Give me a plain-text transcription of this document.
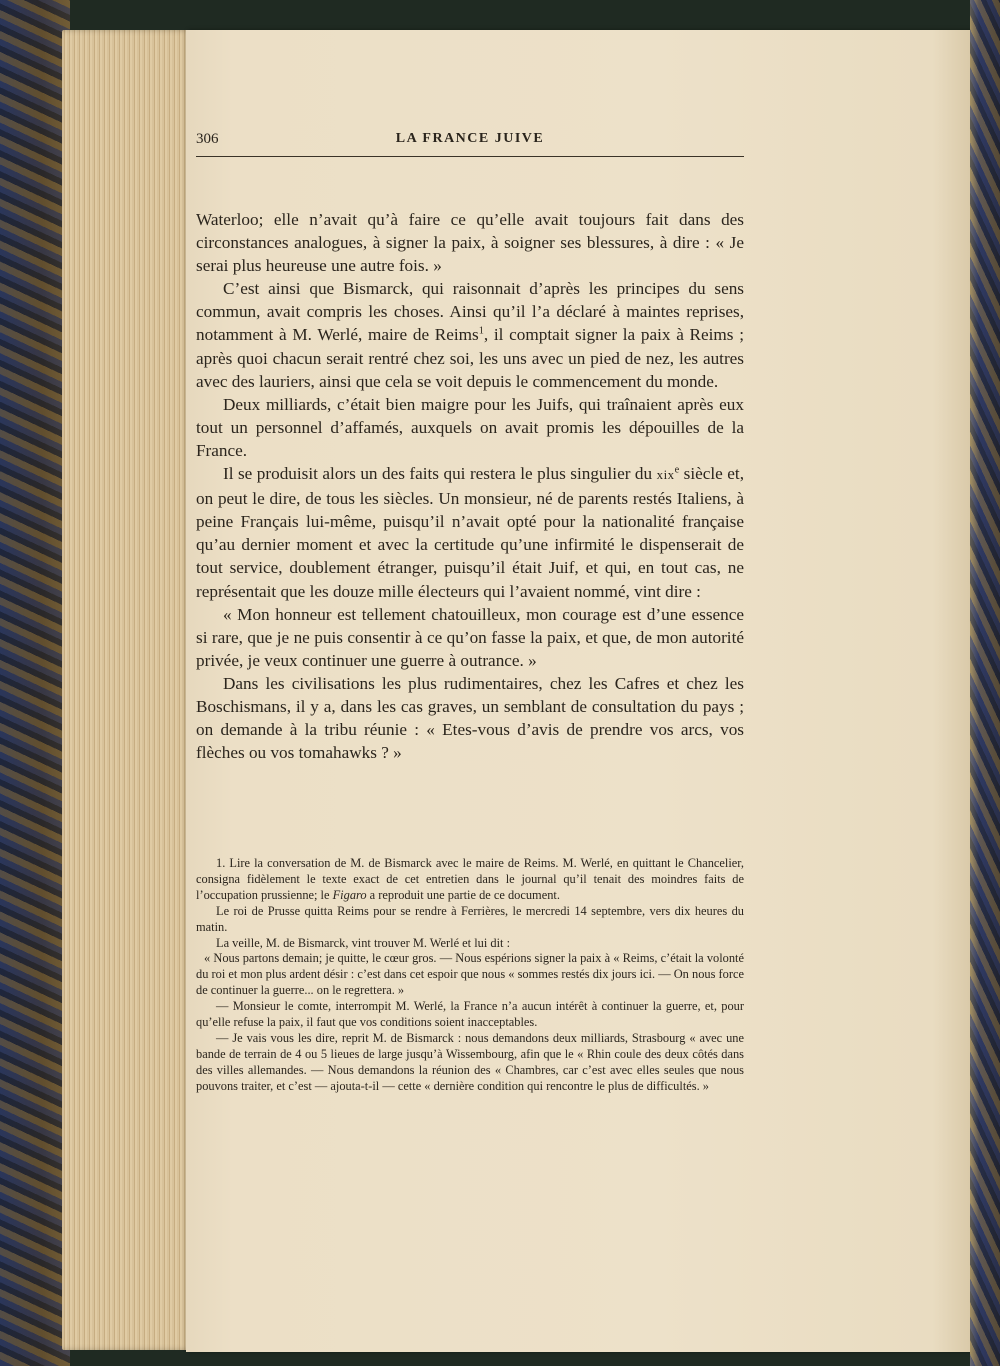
306	LA FRANCE JUIVE

Waterloo; elle n’avait qu’à faire ce qu’elle avait toujours fait dans des circonstances analogues, à signer la paix, à soigner ses blessures, à dire : « Je serai plus heureuse une autre fois. »

C’est ainsi que Bismarck, qui raisonnait d’après les principes du sens commun, avait compris les choses. Ainsi qu’il l’a déclaré à maintes reprises, notamment à M. Werlé, maire de Reims$^1$, il comptait signer la paix à Reims ; après quoi chacun serait rentré chez soi, les uns avec un pied de nez, les autres avec des lauriers, ainsi que cela se voit depuis le commencement du monde.

Deux milliards, c’était bien maigre pour les Juifs, qui traînaient après eux tout un personnel d’affamés, auxquels on avait promis les dépouilles de la France.

Il se produisit alors un des faits qui restera le plus singulier du xix$^e$ siècle et, on peut le dire, de tous les siècles. Un monsieur, né de parents restés Italiens, à peine Français lui-même, puisqu’il n’avait opté pour la nationalité française qu’au dernier moment et avec la certitude qu’une infirmité le dispenserait de tout service, doublement étranger, puisqu’il était Juif, et qui, en tout cas, ne représentait que les douze mille électeurs qui l’avaient nommé, vint dire :

« Mon honneur est tellement chatouilleux, mon courage est d’une essence si rare, que je ne puis consentir à ce qu’on fasse la paix, et que, de mon autorité privée, je veux continuer une guerre à outrance. »

Dans les civilisations les plus rudimentaires, chez les Cafres et chez les Boschismans, il y a, dans les cas graves, un semblant de consultation du pays ; on demande à la tribu réunie : « Etes-vous d’avis de prendre vos arcs, vos flèches ou vos tomahawks ? »

1. Lire la conversation de M. de Bismarck avec le maire de Reims. M. Werlé, en quittant le Chancelier, consigna fidèlement le texte exact de cet entretien dans le journal qu’il tenait des moindres faits de l’occupation prussienne; le Figaro a reproduit une partie de ce document.

Le roi de Prusse quitta Reims pour se rendre à Ferrières, le mercredi 14 septembre, vers dix heures du matin.

La veille, M. de Bismarck, vint trouver M. Werlé et lui dit :

« Nous partons demain; je quitte, le cœur gros. — Nous espérions signer la paix à « Reims, c’était la volonté du roi et mon plus ardent désir : c’est dans cet espoir que nous « sommes restés dix jours ici. — On nous force de continuer la guerre... on le regrettera. »

— Monsieur le comte, interrompit M. Werlé, la France n’a aucun intérêt à continuer la guerre, et, pour qu’elle refuse la paix, il faut que vos conditions soient inacceptables.

— Je vais vous les dire, reprit M. de Bismarck : nous demandons deux milliards, Strasbourg « avec une bande de terrain de 4 ou 5 lieues de large jusqu’à Wissembourg, afin que le « Rhin coule des deux côtés dans des villes allemandes. — Nous demandons la réunion des « Chambres, car c’est avec elles seules que nous pouvons traiter, et c’est — ajouta-t-il — cette « dernière condition qui rencontre le plus de difficultés. »
